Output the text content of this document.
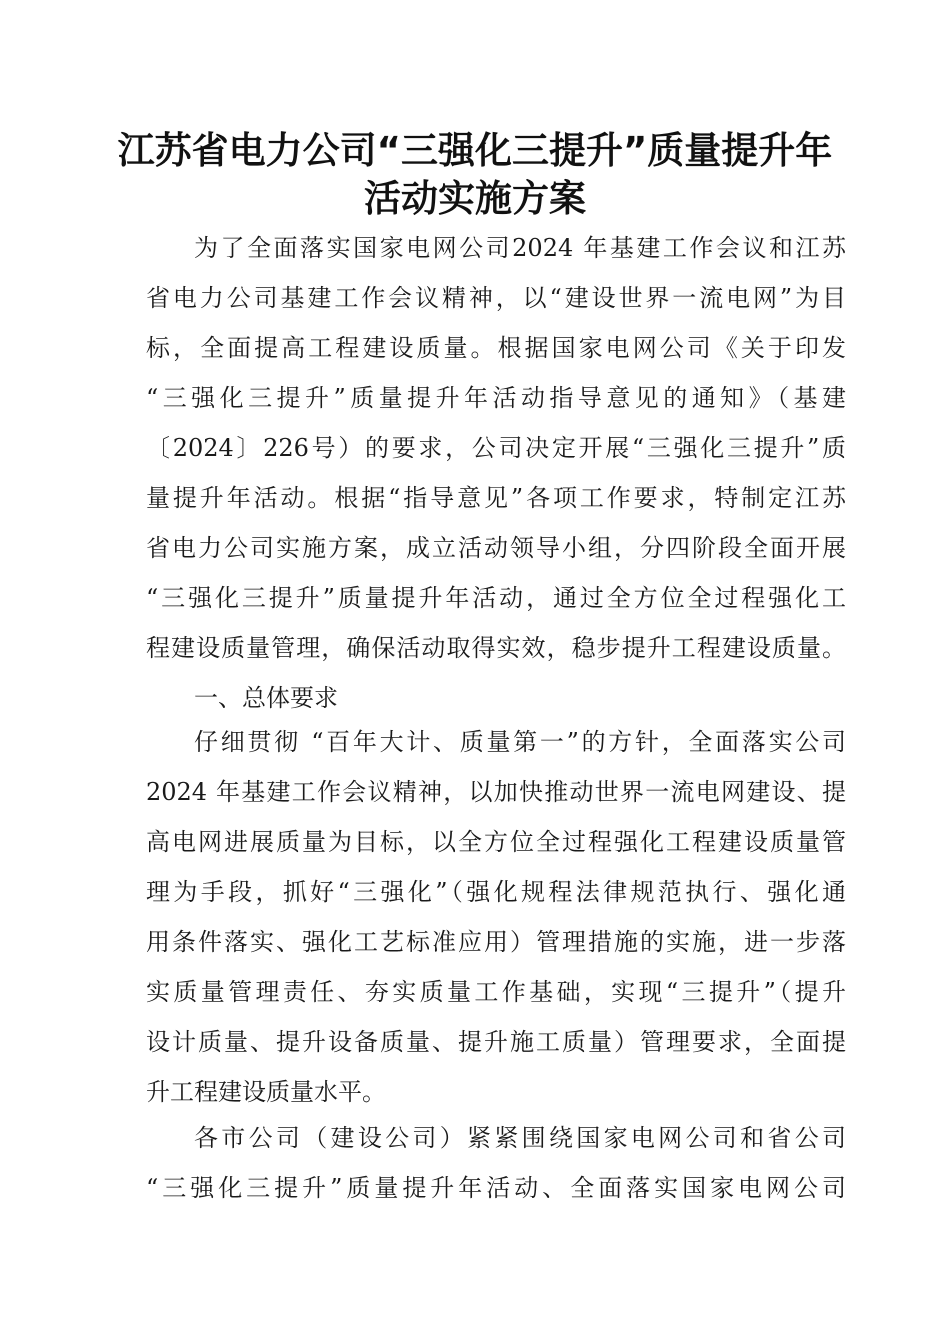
江苏省电力公司“三强化三提升”质量提升年
活动实施方案
为了全面落实国家电网公司2024 年基建工作会议和江苏
省电力公司基建工作会议精神，以“建设世界一流电网”为目
标，全面提高工程建设质量。根据国家电网公司《关于印发
“三强化三提升”质量提升年活动指导意见的通知》（基建
〔2024〕226号）的要求，公司决定开展“三强化三提升”质
量提升年活动。根据“指导意见”各项工作要求，特制定江苏
省电力公司实施方案，成立活动领导小组，分四阶段全面开展
“三强化三提升”质量提升年活动，通过全方位全过程强化工
程建设质量管理，确保活动取得实效，稳步提升工程建设质量。
一、总体要求
仔细贯彻 “百年大计、质量第一”的方针，全面落实公司
2024 年基建工作会议精神，以加快推动世界一流电网建设、提
高电网进展质量为目标，以全方位全过程强化工程建设质量管
理为手段，抓好“三强化”（强化规程法律规范执行、强化通
用条件落实、强化工艺标准应用）管理措施的实施，进一步落
实质量管理责任、夯实质量工作基础，实现“三提升”（提升
设计质量、提升设备质量、提升施工质量）管理要求，全面提
升工程建设质量水平。
各市公司（建设公司）紧紧围绕国家电网公司和省公司
“三强化三提升”质量提升年活动、全面落实国家电网公司
